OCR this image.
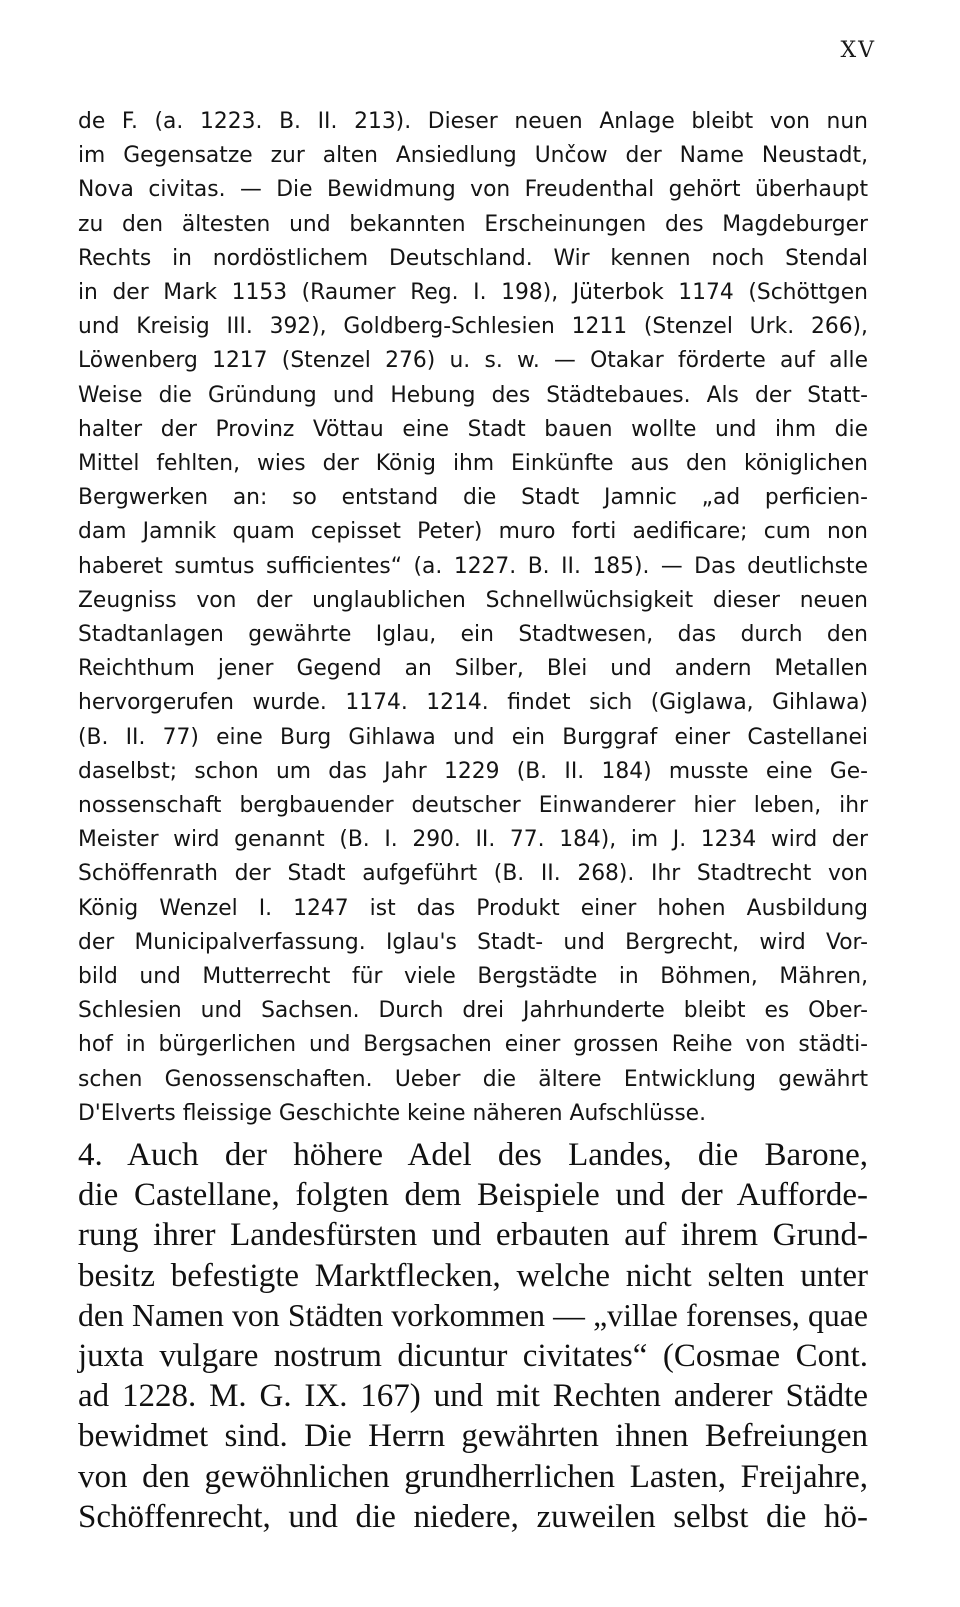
XV
de F. (a. 1223. B. II. 213). Dieser neuen Anlage bleibt von nun
im Gegensatze zur alten Ansiedlung Unčow der Name Neustadt,
Nova civitas. — Die Bewidmung von Freudenthal gehört überhaupt
zu den ältesten und bekannten Erscheinungen des Magdeburger
Rechts in nordöstlichem Deutschland. Wir kennen noch Stendal
in der Mark 1153 (Raumer Reg. I. 198), Jüterbok 1174 (Schöttgen
und Kreisig III. 392), Goldberg-Schlesien 1211 (Stenzel Urk. 266),
Löwenberg 1217 (Stenzel 276) u. s. w. — Otakar förderte auf alle
Weise die Gründung und Hebung des Städtebaues. Als der Statt-
halter der Provinz Vöttau eine Stadt bauen wollte und ihm die
Mittel fehlten, wies der König ihm Einkünfte aus den königlichen
Bergwerken an: so entstand die Stadt Jamnic „ad perficien-
dam Jamnik quam cepisset Peter) muro forti aedificare; cum non
haberet sumtus sufficientes“ (a. 1227. B. II. 185). — Das deutlichste
Zeugniss von der unglaublichen Schnellwüchsigkeit dieser neuen
Stadtanlagen gewährte Iglau, ein Stadtwesen, das durch den
Reichthum jener Gegend an Silber, Blei und andern Metallen
hervorgerufen wurde. 1174. 1214. findet sich (Giglawa, Gihlawa)
(B. II. 77) eine Burg Gihlawa und ein Burggraf einer Castellanei
daselbst; schon um das Jahr 1229 (B. II. 184) musste eine Ge-
nossenschaft bergbauender deutscher Einwanderer hier leben, ihr
Meister wird genannt (B. I. 290. II. 77. 184), im J. 1234 wird der
Schöffenrath der Stadt aufgeführt (B. II. 268). Ihr Stadtrecht von
König Wenzel I. 1247 ist das Produkt einer hohen Ausbildung
der Municipalverfassung. Iglau's Stadt- und Bergrecht, wird Vor-
bild und Mutterrecht für viele Bergstädte in Böhmen, Mähren,
Schlesien und Sachsen. Durch drei Jahrhunderte bleibt es Ober-
hof in bürgerlichen und Bergsachen einer grossen Reihe von städti-
schen Genossenschaften. Ueber die ältere Entwicklung gewährt
D'Elverts fleissige Geschichte keine näheren Aufschlüsse.
4. Auch der höhere Adel des Landes, die Barone,
die Castellane, folgten dem Beispiele und der Aufforde-
rung ihrer Landesfürsten und erbauten auf ihrem Grund-
besitz befestigte Marktflecken, welche nicht selten unter
den Namen von Städten vorkommen — „villae forenses, quae
juxta vulgare nostrum dicuntur civitates“ (Cosmae Cont.
ad 1228. M. G. IX. 167) und mit Rechten anderer Städte
bewidmet sind. Die Herrn gewährten ihnen Befreiungen
von den gewöhnlichen grundherrlichen Lasten, Freijahre,
Schöffenrecht, und die niedere, zuweilen selbst die hö-
